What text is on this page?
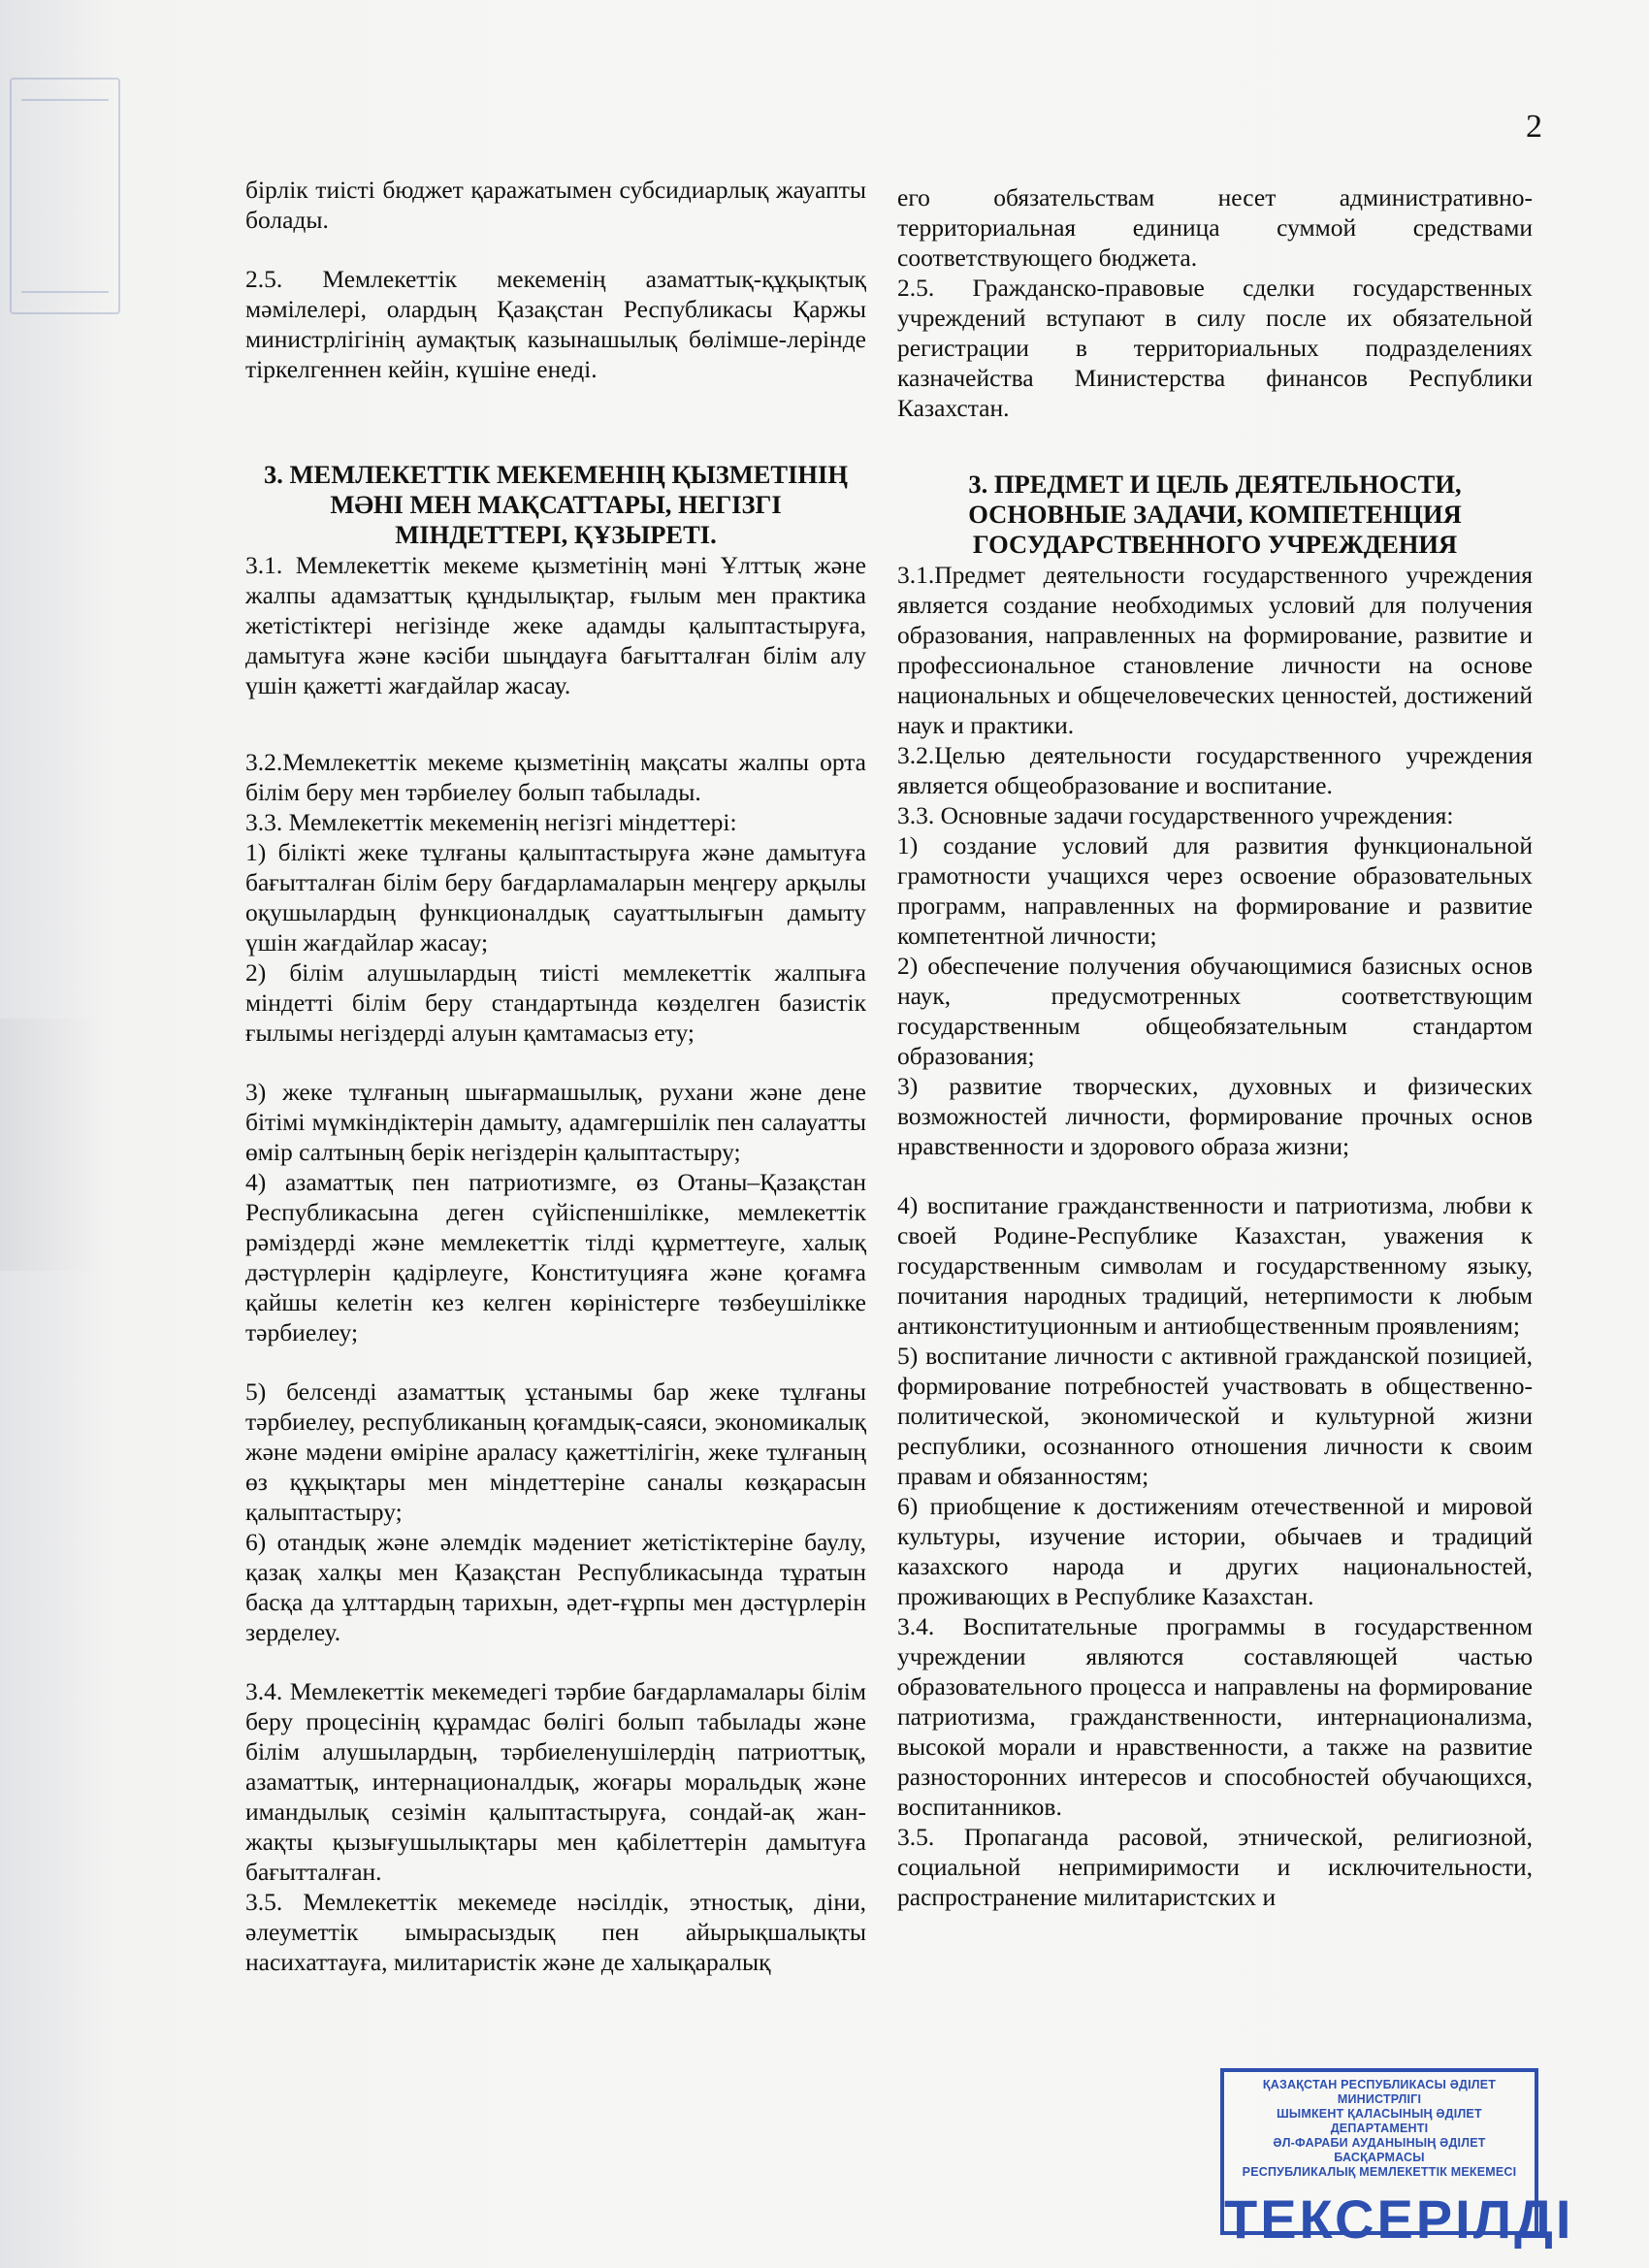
2

бірлік тиісті бюджет қаражатымен субсидиарлық жауапты болады.

2.5. Мемлекеттік мекеменің азаматтық-құқықтық мәмілелері, олардың Қазақстан Республикасы Қаржы министрлігінің аумақтық казынашылық бөлімше-лерінде тіркелгеннен кейін, күшіне енеді.

3. МЕМЛЕКЕТТІК МЕКЕМЕНІҢ ҚЫЗМЕТІНІҢ МӘНІ МЕН МАҚСАТТАРЫ, НЕГІЗГІ МІНДЕТТЕРІ, ҚҰЗЫРЕТІ.

3.1. Мемлекеттік мекеме қызметінің мәні Ұлттық және жалпы адамзаттық құндылықтар, ғылым мен практика жетістіктері негізінде жеке адамды қалыптастыруға, дамытуға және кәсіби шыңдауға бағытталған білім алу үшін қажетті жағдайлар жасау.

3.2.Мемлекеттік мекеме қызметінің мақсаты жалпы орта білім беру мен тәрбиелеу болып табылады.

3.3. Мемлекеттік мекеменің негізгі міндеттері:

1) білікті жеке тұлғаны қалыптастыруға және дамытуға бағытталған білім беру бағдарламаларын меңгеру арқылы оқушылардың функционалдық сауаттылығын дамыту үшін жағдайлар жасау;

2) білім алушылардың тиісті мемлекеттік жалпыға міндетті білім беру стандартында көзделген базистік ғылымы негіздерді алуын қамтамасыз ету;

3) жеке тұлғаның шығармашылық, рухани және дене бітімі мүмкіндіктерін дамыту, адамгершілік пен салауатты өмір салтының берік негіздерін қалыптастыру;

4) азаматтық пен патриотизмге, өз Отаны–Қазақстан Республикасына деген сүйіспеншілікке, мемлекеттік рәміздерді және мемлекеттік тілді құрметтеуге, халық дәстүрлерін қадірлеуге, Конституцияға және қоғамға қайшы келетін кез келген көріністерге төзбеушілікке тәрбиелеу;

5) белсенді азаматтық ұстанымы бар жеке тұлғаны тәрбиелеу, республиканың қоғамдық-саяси, экономикалық және мәдени өміріне араласу қажеттілігін, жеке тұлғаның өз құқықтары мен міндеттеріне саналы көзқарасын қалыптастыру;

6) отандық және әлемдік мәдениет жетістіктеріне баулу, қазақ халқы мен Қазақстан Республикасында тұратын басқа да ұлттардың тарихын, әдет-ғұрпы мен дәстүрлерін зерделеу.

3.4. Мемлекеттік мекемедегі тәрбие бағдарламалары білім беру процесінің құрамдас бөлігі болып табылады және білім алушылардың, тәрбиеленушілердің патриоттық, азаматтық, интернационалдық, жоғары моральдық және имандылық сезімін қалыптастыруға, сондай-ақ жан-жақты қызығушылықтары мен қабілеттерін дамытуға бағытталған.

3.5. Мемлекеттік мекемеде нәсілдік, этностық, діни, әлеуметтік ымырасыздық пен айырықшалықты насихаттауға, милитаристік және де халықаралық

его обязательствам несет административно-территориальная единица суммой средствами соответствующего бюджета.

2.5. Гражданско-правовые сделки государственных учреждений вступают в силу после их обязательной регистрации в территориальных подразделениях казначейства Министерства финансов Республики Казахстан.

3. ПРЕДМЕТ И ЦЕЛЬ ДЕЯТЕЛЬНОСТИ, ОСНОВНЫЕ ЗАДАЧИ, КОМПЕТЕНЦИЯ ГОСУДАРСТВЕННОГО УЧРЕЖДЕНИЯ

3.1.Предмет деятельности государственного учреждения является создание необходимых условий для получения образования, направленных на формирование, развитие и профессиональное становление личности на основе национальных и общечеловеческих ценностей, достижений наук и практики.

3.2.Целью деятельности государственного учреждения является общеобразование и воспитание.

3.3. Основные задачи государственного учреждения:

1) создание условий для развития функциональной грамотности учащихся через освоение образовательных программ, направленных на формирование и развитие компетентной личности;

2) обеспечение получения обучающимися базисных основ наук, предусмотренных соответствующим государственным общеобязательным стандартом образования;

3) развитие творческих, духовных и физических возможностей личности, формирование прочных основ нравственности и здорового образа жизни;

4) воспитание гражданственности и патриотизма, любви к своей Родине-Республике Казахстан, уважения к государственным символам и государственному языку, почитания народных традиций, нетерпимости к любым антиконституционным и антиобщественным проявлениям;

5) воспитание личности с активной гражданской позицией, формирование потребностей участвовать в общественно-политической, экономической и культурной жизни республики, осознанного отношения личности к своим правам и обязанностям;

6) приобщение к достижениям отечественной и мировой культуры, изучение истории, обычаев и традиций казахского народа и других национальностей, проживающих в Республике Казахстан.

3.4. Воспитательные программы в государственном учреждении являются составляющей частью образовательного процесса и направлены на формирование патриотизма, гражданственности, интернационализма, высокой морали и нравственности, а также на развитие разносторонних интересов и способностей обучающихся, воспитанников.

3.5. Пропаганда расовой, этнической, религиозной, социальной непримиримости и исключительности, распространение милитаристских и

ҚАЗАҚСТАН РЕСПУБЛИКАСЫ ӘДІЛЕТ МИНИСТРЛІГІ
ШЫМКЕНТ ҚАЛАСЫНЫҢ ӘДІЛЕТ ДЕПАРТАМЕНТІ
ӘЛ-ФАРАБИ АУДАНЫНЫҢ ӘДІЛЕТ БАСҚАРМАСЫ
РЕСПУБЛИКАЛЫҚ МЕМЛЕКЕТТІК МЕКЕМЕСІ
ТЕКСЕРІЛДІ
